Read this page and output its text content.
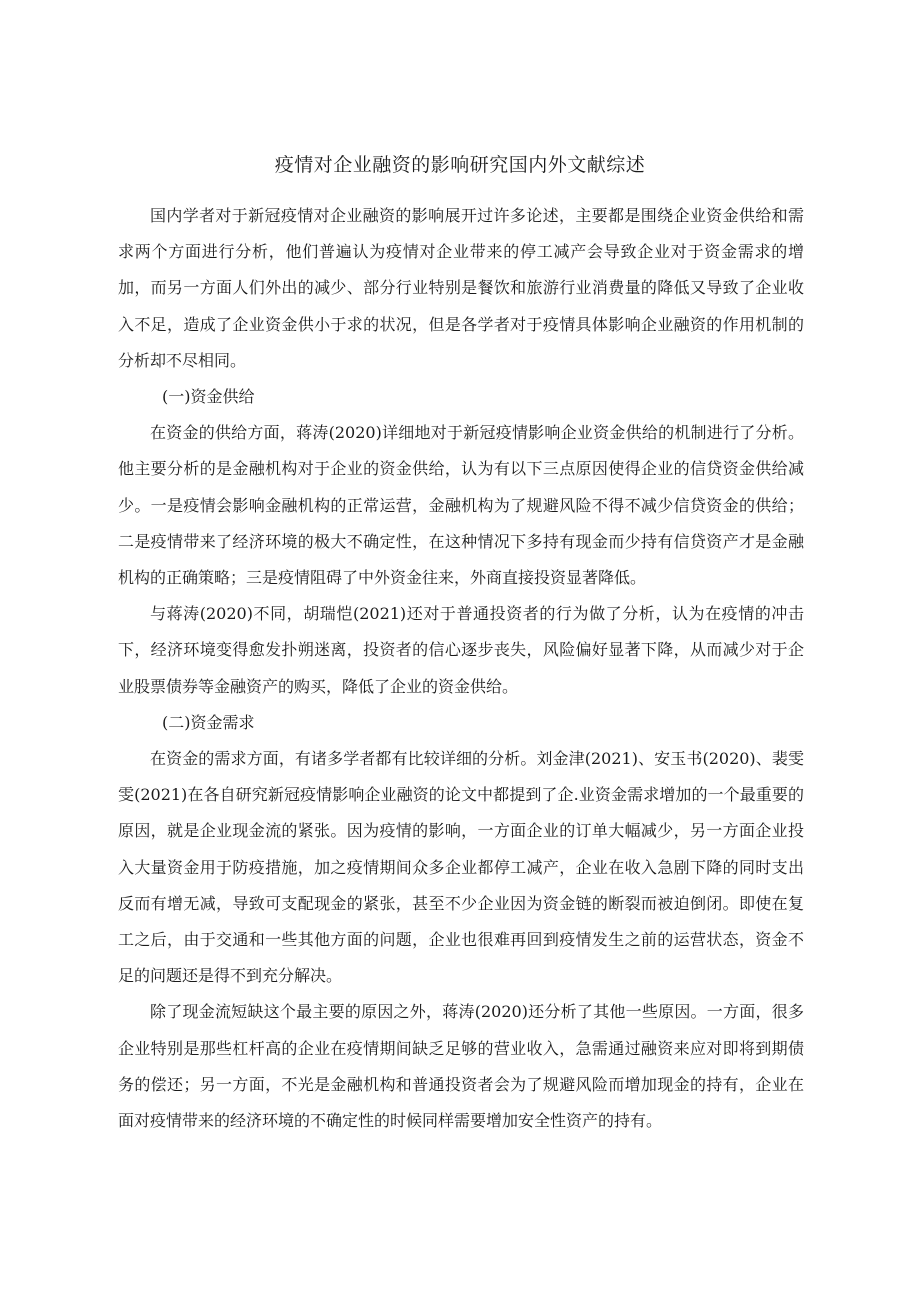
疫情对企业融资的影响研究国内外文献综述

国内学者对于新冠疫情对企业融资的影响展开过许多论述，主要都是围绕企业资金供给和需求两个方面进行分析，他们普遍认为疫情对企业带来的停工减产会导致企业对于资金需求的增加，而另一方面人们外出的减少、部分行业特别是餐饮和旅游行业消费量的降低又导致了企业收入不足，造成了企业资金供小于求的状况，但是各学者对于疫情具体影响企业融资的作用机制的分析却不尽相同。

(一)资金供给

在资金的供给方面，蒋涛(2020)详细地对于新冠疫情影响企业资金供给的机制进行了分析。他主要分析的是金融机构对于企业的资金供给，认为有以下三点原因使得企业的信贷资金供给减少。一是疫情会影响金融机构的正常运营，金融机构为了规避风险不得不减少信贷资金的供给；二是疫情带来了经济环境的极大不确定性，在这种情况下多持有现金而少持有信贷资产才是金融机构的正确策略；三是疫情阻碍了中外资金往来，外商直接投资显著降低。

与蒋涛(2020)不同，胡瑞恺(2021)还对于普通投资者的行为做了分析，认为在疫情的冲击下，经济环境变得愈发扑朔迷离，投资者的信心逐步丧失，风险偏好显著下降，从而减少对于企业股票债券等金融资产的购买，降低了企业的资金供给。

(二)资金需求

在资金的需求方面，有诸多学者都有比较详细的分析。刘金津(2021)、安玉书(2020)、裴雯雯(2021)在各自研究新冠疫情影响企业融资的论文中都提到了企.业资金需求增加的一个最重要的原因，就是企业现金流的紧张。因为疫情的影响，一方面企业的订单大幅减少，另一方面企业投入大量资金用于防疫措施，加之疫情期间众多企业都停工减产，企业在收入急剧下降的同时支出反而有增无减，导致可支配现金的紧张，甚至不少企业因为资金链的断裂而被迫倒闭。即使在复工之后，由于交通和一些其他方面的问题，企业也很难再回到疫情发生之前的运营状态，资金不足的问题还是得不到充分解决。

除了现金流短缺这个最主要的原因之外，蒋涛(2020)还分析了其他一些原因。一方面，很多企业特别是那些杠杆高的企业在疫情期间缺乏足够的营业收入，急需通过融资来应对即将到期债务的偿还；另一方面，不光是金融机构和普通投资者会为了规避风险而增加现金的持有，企业在面对疫情带来的经济环境的不确定性的时候同样需要增加安全性资产的持有。
